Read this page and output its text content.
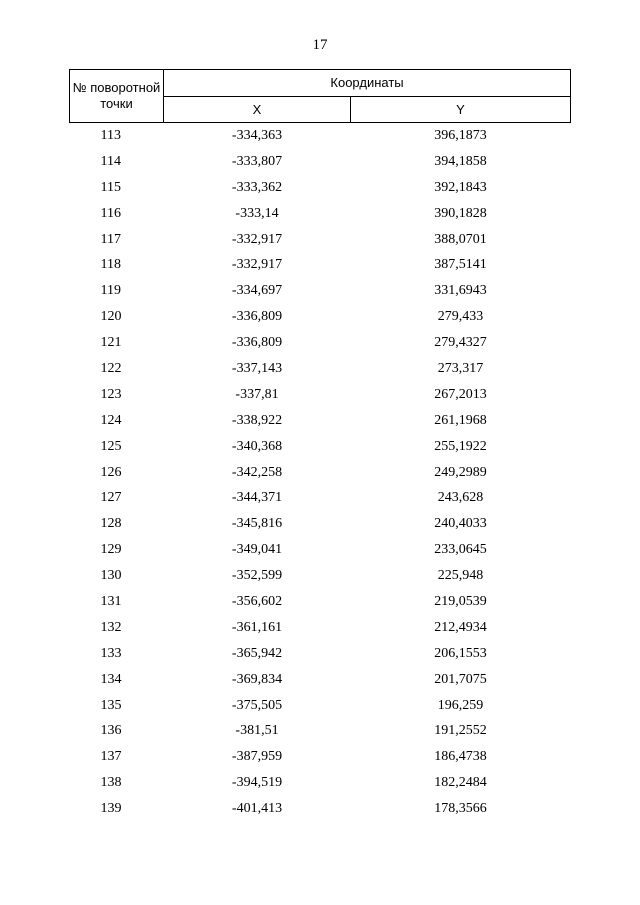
17
№ поворотной точки	Координаты	
	X	Y
113	-334,363	396,1873
114	-333,807	394,1858
115	-333,362	392,1843
116	-333,14	390,1828
117	-332,917	388,0701
118	-332,917	387,5141
119	-334,697	331,6943
120	-336,809	279,433
121	-336,809	279,4327
122	-337,143	273,317
123	-337,81	267,2013
124	-338,922	261,1968
125	-340,368	255,1922
126	-342,258	249,2989
127	-344,371	243,628
128	-345,816	240,4033
129	-349,041	233,0645
130	-352,599	225,948
131	-356,602	219,0539
132	-361,161	212,4934
133	-365,942	206,1553
134	-369,834	201,7075
135	-375,505	196,259
136	-381,51	191,2552
137	-387,959	186,4738
138	-394,519	182,2484
139	-401,413	178,3566
